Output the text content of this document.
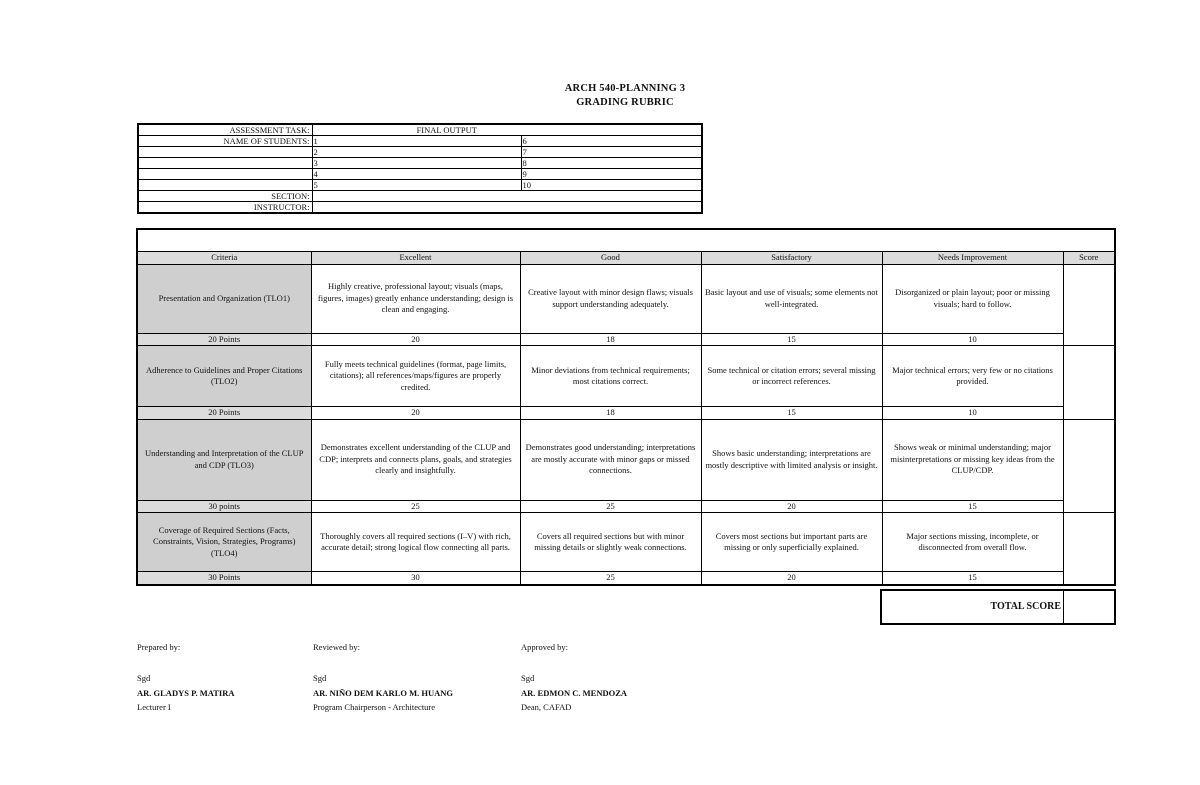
ARCH 540-PLANNING 3
GRADING RUBRIC
ASSESSMENT TASK:	FINAL OUTPUT	
NAME OF STUDENTS:	1	6
	2	7
	3	8
	4	9
	5	10
SECTION:		
INSTRUCTOR:		

Criteria	Excellent	Good	Satisfactory	Needs Improvement	Score
Presentation and Organization (TLO1)	Highly creative, professional layout; visuals (maps, figures, images) greatly enhance understanding; design is clean and engaging.	Creative layout with minor design flaws; visuals support understanding adequately.	Basic layout and use of visuals; some elements not well-integrated.	Disorganized or plain layout; poor or missing visuals; hard to follow.	
20 Points	20	18	15	10	
Adherence to Guidelines and Proper Citations (TLO2)	Fully meets technical guidelines (format, page limits, citations); all references/maps/figures are properly credited.	Minor deviations from technical requirements; most citations correct.	Some technical or citation errors; several missing or incorrect references.	Major technical errors; very few or no citations provided.	
20 Points	20	18	15	10	
Understanding and Interpretation of the CLUP and CDP (TLO3)	Demonstrates excellent understanding of the CLUP and CDP; interprets and connects plans, goals, and strategies clearly and insightfully.	Demonstrates good understanding; interpretations are mostly accurate with minor gaps or missed connections.	Shows basic understanding; interpretations are mostly descriptive with limited analysis or insight.	Shows weak or minimal understanding; major misinterpretations or missing key ideas from the CLUP/CDP.	
30 points	25	25	20	15	
Coverage of Required Sections (Facts, Constraints, Vision, Strategies, Programs) (TLO4)	Thoroughly covers all required sections (I–V) with rich, accurate detail; strong logical flow connecting all parts.	Covers all required sections but with minor missing details or slightly weak connections.	Covers most sections but important parts are missing or only superficially explained.	Major sections missing, incomplete, or disconnected from overall flow.	
30 Points	30	25	20	15	
TOTAL SCORE
Prepared by:
Sgd
AR. GLADYS P. MATIRA
Lecturer I
Reviewed by:
Sgd
AR. NIÑO DEM KARLO M. HUANG
Program Chairperson - Architecture
Approved by:
Sgd
AR. EDMON C. MENDOZA
Dean, CAFAD
